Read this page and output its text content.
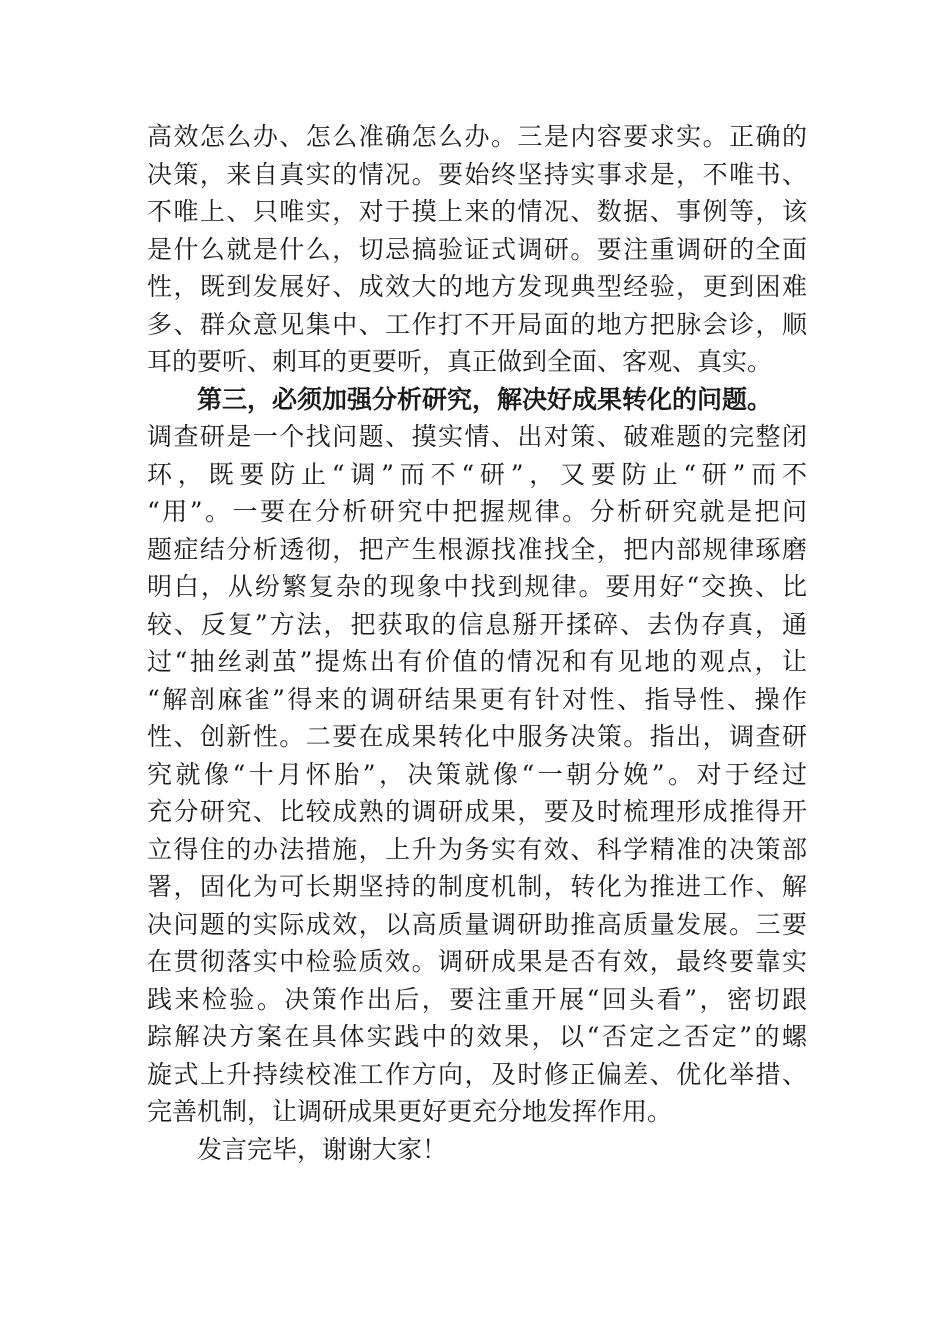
高效怎么办、怎么准确怎么办。三是内容要求实。正确的
决策，来自真实的情况。要始终坚持实事求是，不唯书、
不唯上、只唯实，对于摸上来的情况、数据、事例等，该
是什么就是什么，切忌搞验证式调研。要注重调研的全面
性，既到发展好、成效大的地方发现典型经验，更到困难
多、群众意见集中、工作打不开局面的地方把脉会诊，顺
耳的要听、刺耳的更要听，真正做到全面、客观、真实。
第三，必须加强分析研究，解决好成果转化的问题。
调查研是一个找问题、摸实情、出对策、破难题的完整闭
环，既要防止“调”而不“研”，又要防止“研”而不
“用”。一要在分析研究中把握规律。分析研究就是把问
题症结分析透彻，把产生根源找准找全，把内部规律琢磨
明白，从纷繁复杂的现象中找到规律。要用好“交换、比
较、反复”方法，把获取的信息掰开揉碎、去伪存真，通
过“抽丝剥茧”提炼出有价值的情况和有见地的观点，让
“解剖麻雀”得来的调研结果更有针对性、指导性、操作
性、创新性。二要在成果转化中服务决策。指出，调查研
究就像“十月怀胎”，决策就像“一朝分娩”。对于经过
充分研究、比较成熟的调研成果，要及时梳理形成推得开
立得住的办法措施，上升为务实有效、科学精准的决策部
署，固化为可长期坚持的制度机制，转化为推进工作、解
决问题的实际成效，以高质量调研助推高质量发展。三要
在贯彻落实中检验质效。调研成果是否有效，最终要靠实
践来检验。决策作出后，要注重开展“回头看”，密切跟
踪解决方案在具体实践中的效果，以“否定之否定”的螺
旋式上升持续校准工作方向，及时修正偏差、优化举措、
完善机制，让调研成果更好更充分地发挥作用。
发言完毕，谢谢大家！
